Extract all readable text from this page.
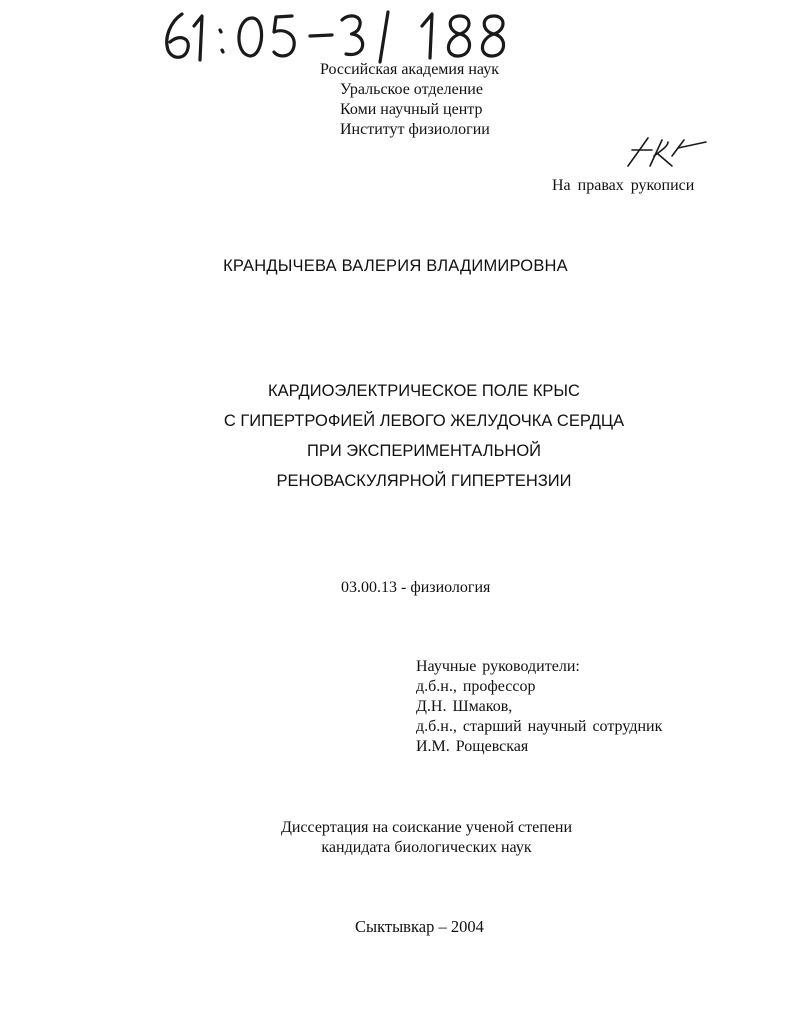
Российская академия наук
Уральское отделение
Коми научный центр
Институт физиологии
На правах рукописи
КРАНДЫЧЕВА ВАЛЕРИЯ ВЛАДИМИРОВНА
КАРДИОЭЛЕКТРИЧЕСКОЕ ПОЛЕ КРЫС
С ГИПЕРТРОФИЕЙ ЛЕВОГО ЖЕЛУДОЧКА СЕРДЦА
ПРИ ЭКСПЕРИМЕНТАЛЬНОЙ
РЕНОВАСКУЛЯРНОЙ ГИПЕРТЕНЗИИ
03.00.13 - физиология
Научные руководители:
д.б.н., профессор
Д.Н. Шмаков,
д.б.н., старший научный сотрудник
И.М. Рощевская
Диссертация на соискание ученой степени
кандидата биологических наук
Сыктывкар – 2004
